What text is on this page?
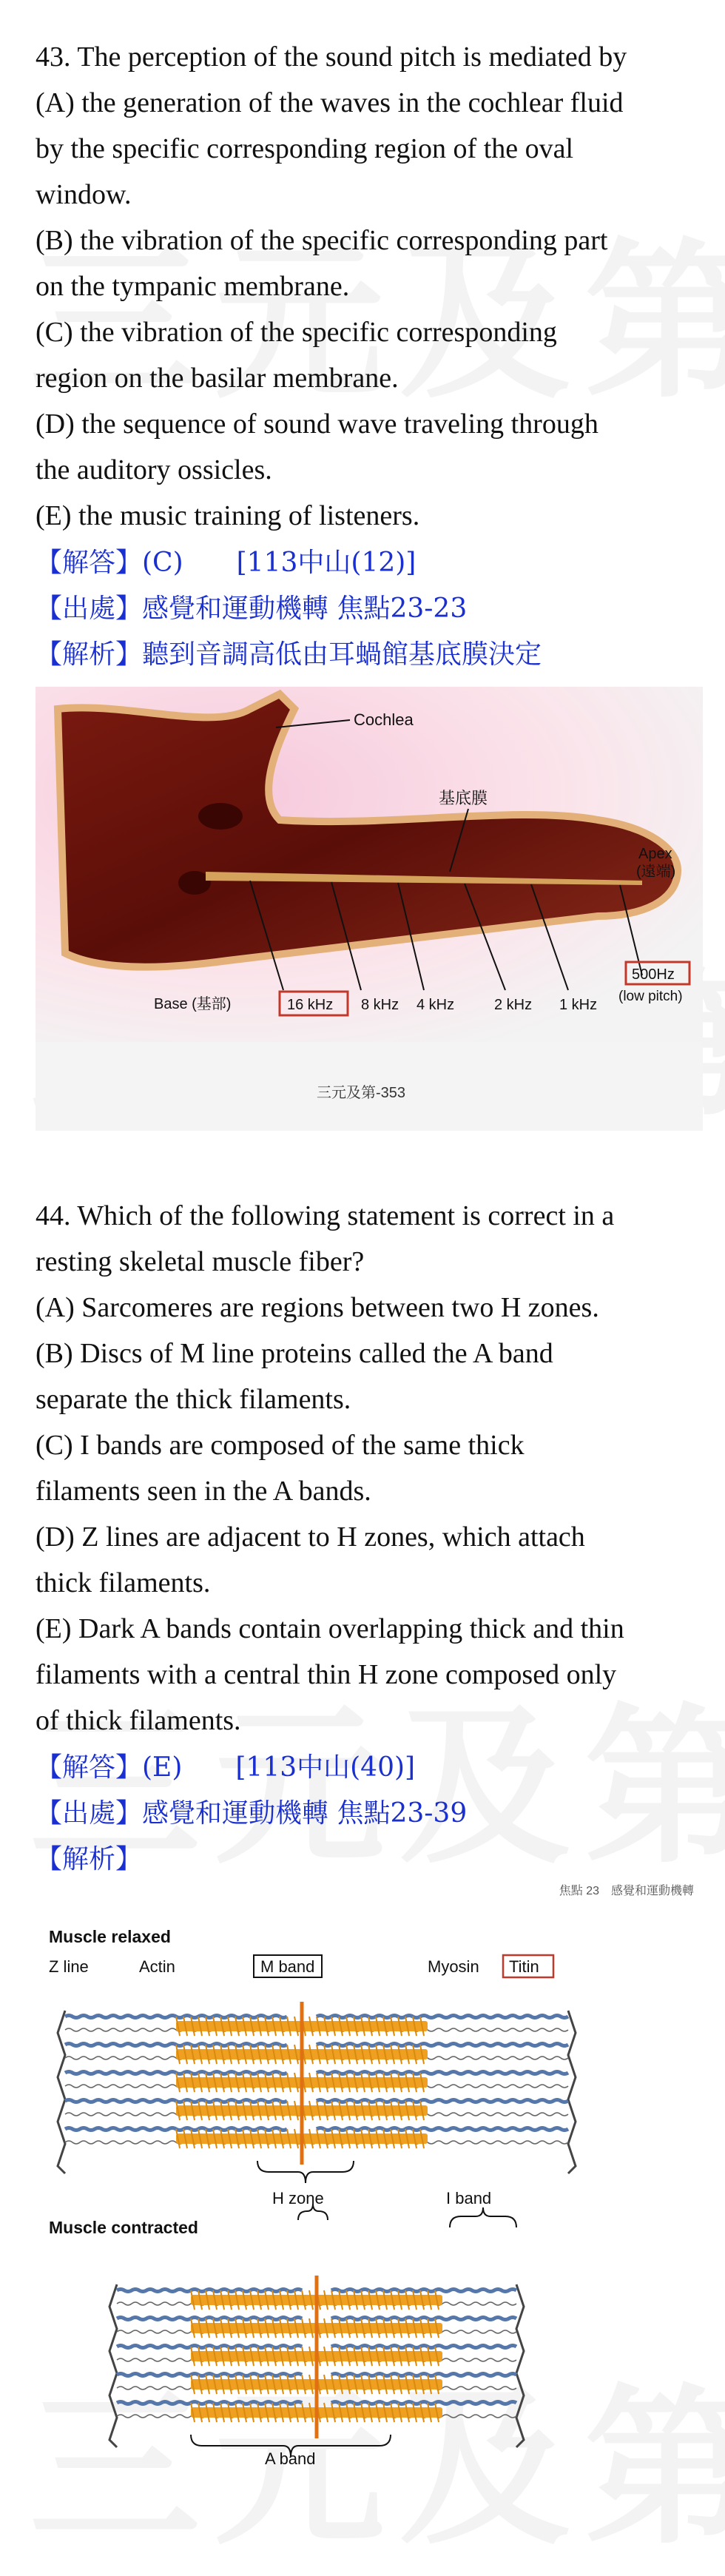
43. The perception of the sound pitch is mediated by
(A) the generation of the waves in the cochlear fluid
by the specific corresponding region of the oval
window.
(B) the vibration of the specific corresponding part
on the tympanic membrane.
(C) the vibration of the specific corresponding
region on the basilar membrane.
(D) the sequence of sound wave traveling through
the auditory ossicles.
(E) the music training of listeners.
【解答】(C)　　[113中山(12)]
【出處】感覺和運動機轉 焦點23-23
【解析】聽到音調高低由耳蝸館基底膜決定
Cochlea
基底膜
Apex
(遠端)
Base (基部)	16 kHz 8 kHz 4 kHz	2 kHz 1 kHz
500Hz
(low pitch)
三元及第-353
44. Which of the following statement is correct in a
resting skeletal muscle fiber?
(A) Sarcomeres are regions between two H zones.
(B) Discs of M line proteins called the A band
separate the thick filaments.
(C) I bands are composed of the same thick
filaments seen in the A bands.
(D) Z lines are adjacent to H zones, which attach
thick filaments.
(E) Dark A bands contain overlapping thick and thin
filaments with a central thin H zone composed only
of thick filaments.
【解答】(E)　　[113中山(40)]
【出處】感覺和運動機轉 焦點23-39
【解析】
焦點 23　感覺和運動機轉
Muscle relaxed
Z line	Actin	M band	Myosin Titin
H zone	I band
Muscle contracted
A band
